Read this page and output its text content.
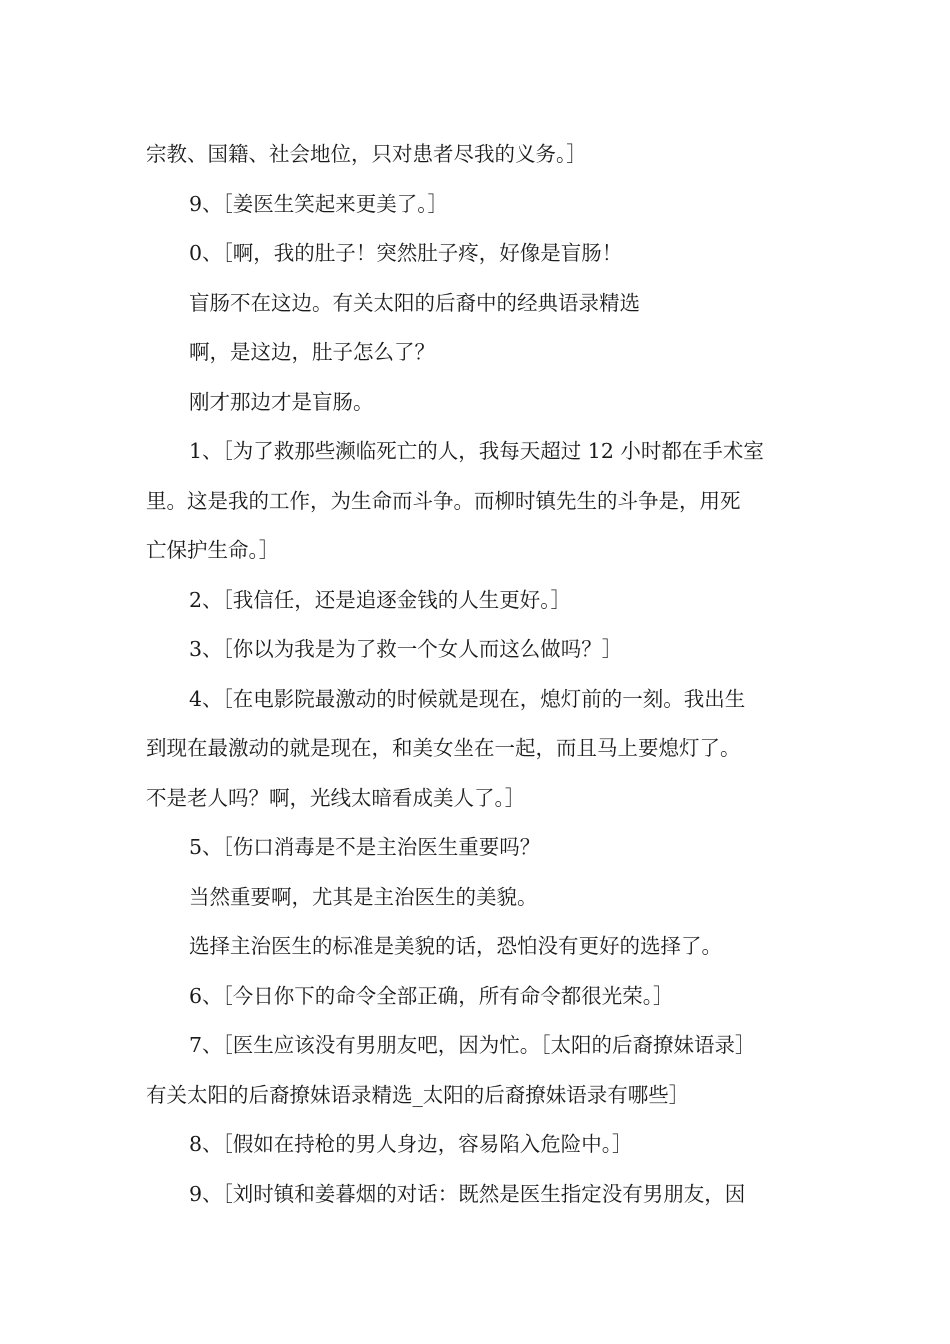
宗教、国籍、社会地位，只对患者尽我的义务。］
9、［姜医生笑起来更美了。］
0、［啊，我的肚子！突然肚子疼，好像是盲肠！
盲肠不在这边。有关太阳的后裔中的经典语录精选
啊，是这边，肚子怎么了？
刚才那边才是盲肠。
1、［为了救那些濒临死亡的人，我每天超过 12 小时都在手术室
里。这是我的工作，为生命而斗争。而柳时镇先生的斗争是，用死
亡保护生命。］
2、［我信任，还是追逐金钱的人生更好。］
3、［你以为我是为了救一个女人而这么做吗？］
4、［在电影院最激动的时候就是现在，熄灯前的一刻。我出生
到现在最激动的就是现在，和美女坐在一起，而且马上要熄灯了。
不是老人吗？啊，光线太暗看成美人了。］
5、［伤口消毒是不是主治医生重要吗？
当然重要啊，尤其是主治医生的美貌。
选择主治医生的标准是美貌的话，恐怕没有更好的选择了。
6、［今日你下的命令全部正确，所有命令都很光荣。］
7、［医生应该没有男朋友吧，因为忙。［太阳的后裔撩妹语录］
有关太阳的后裔撩妹语录精选_太阳的后裔撩妹语录有哪些］
8、［假如在持枪的男人身边，容易陷入危险中。］
9、［刘时镇和姜暮烟的对话：既然是医生指定没有男朋友，因
